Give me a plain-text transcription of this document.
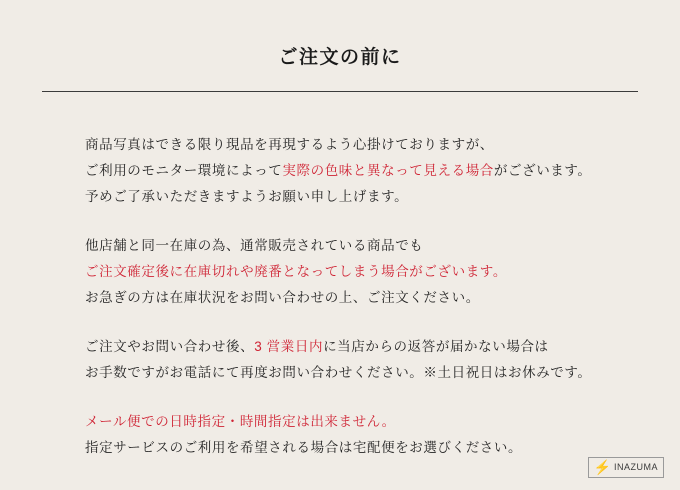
ご注文の前に
商品写真はできる限り現品を再現するよう心掛けておりますが、
ご利用のモニター環境によって実際の色味と異なって見える場合がございます。
予めご了承いただきますようお願い申し上げます。
他店舗と同一在庫の為、通常販売されている商品でも
ご注文確定後に在庫切れや廃番となってしまう場合がございます。
お急ぎの方は在庫状況をお問い合わせの上、ご注文ください。
ご注文やお問い合わせ後、3 営業日内に当店からの返答が届かない場合は
お手数ですがお電話にて再度お問い合わせください。※土日祝日はお休みです。
メール便での日時指定・時間指定は出来ません。
指定サービスのご利用を希望される場合は宅配便をお選びください。
⚡ INAZUMA
